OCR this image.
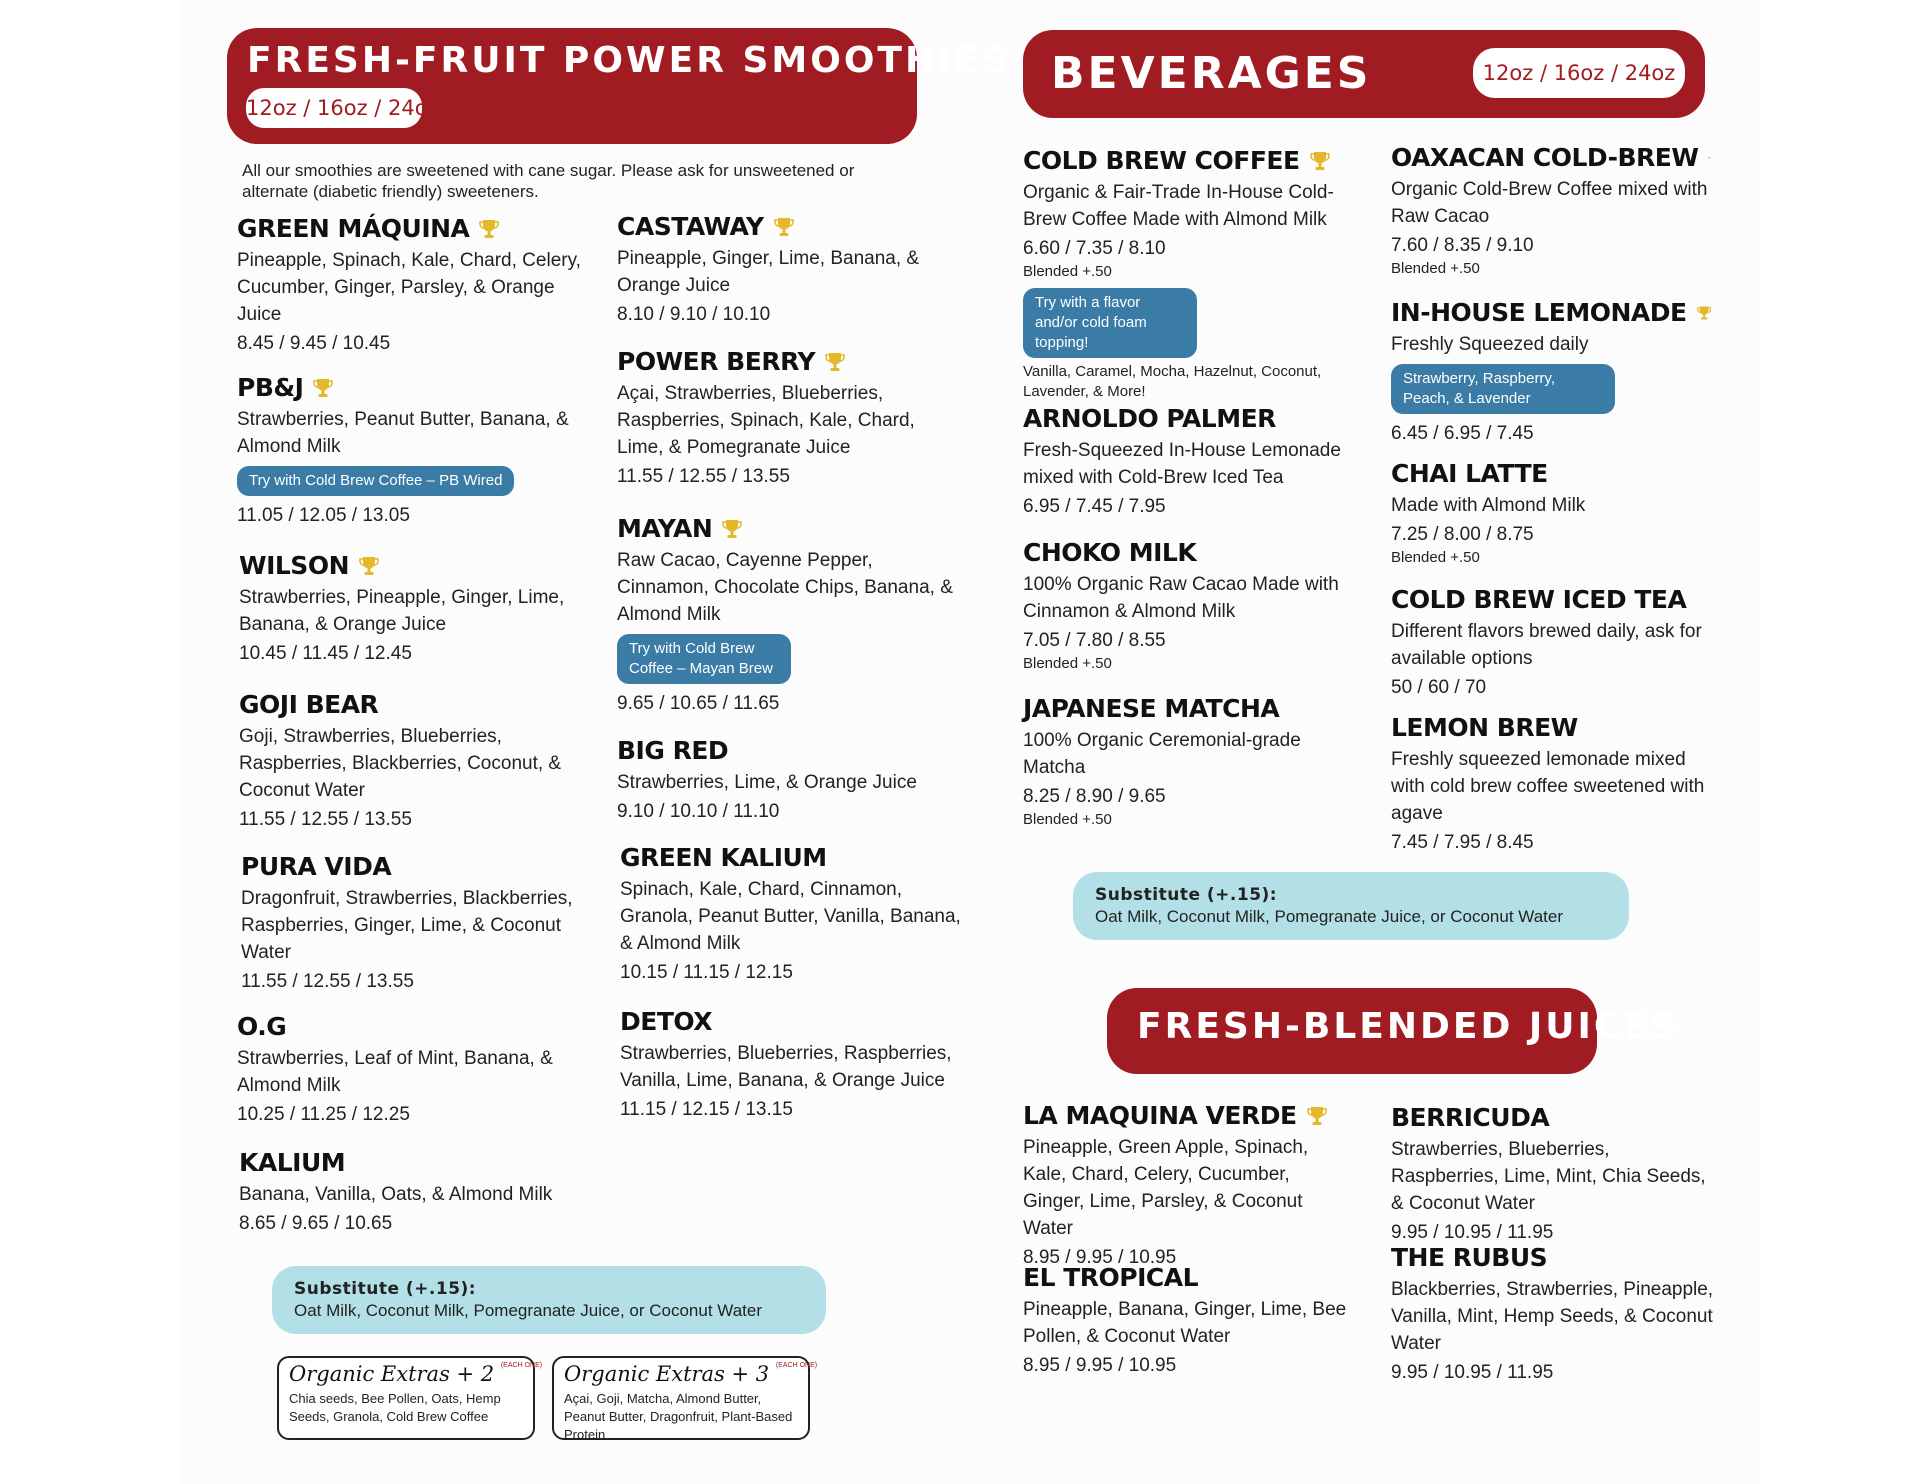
FRESH-FRUIT POWER SMOOTHIES
12oz / 16oz / 24oz
All our smoothies are sweetened with cane sugar. Please ask for unsweetened or alternate (diabetic friendly) sweeteners.
GREEN MÁQUINA
Pineapple, Spinach, Kale, Chard, Celery, Cucumber, Ginger, Parsley, & Orange Juice
8.45 / 9.45 / 10.45
PB&J
Strawberries, Peanut Butter, Banana, & Almond Milk
Try with Cold Brew Coffee – PB Wired
11.05 / 12.05 / 13.05
WILSON
Strawberries, Pineapple, Ginger, Lime, Banana, & Orange Juice
10.45 / 11.45 / 12.45
GOJI BEAR
Goji, Strawberries, Blueberries, Raspberries, Blackberries, Coconut, & Coconut Water
11.55 / 12.55 / 13.55
PURA VIDA
Dragonfruit, Strawberries, Blackberries, Raspberries, Ginger, Lime, & Coconut Water
11.55 / 12.55 / 13.55
O.G
Strawberries, Leaf of Mint, Banana, & Almond Milk
10.25 / 11.25 / 12.25
KALIUM
Banana, Vanilla, Oats, & Almond Milk
8.65 / 9.65 / 10.65
CASTAWAY
Pineapple, Ginger, Lime, Banana, & Orange Juice
8.10 / 9.10 / 10.10
POWER BERRY
Açai, Strawberries, Blueberries, Raspberries, Spinach, Kale, Chard, Lime, & Pomegranate Juice
11.55 / 12.55 / 13.55
MAYAN
Raw Cacao, Cayenne Pepper, Cinnamon, Chocolate Chips, Banana, & Almond Milk
Try with Cold Brew Coffee – Mayan Brew
9.65 / 10.65 / 11.65
BIG RED
Strawberries, Lime, & Orange Juice
9.10 / 10.10 / 11.10
GREEN KALIUM
Spinach, Kale, Chard, Cinnamon, Granola, Peanut Butter, Vanilla, Banana, & Almond Milk
10.15 / 11.15 / 12.15
DETOX
Strawberries, Blueberries, Raspberries, Vanilla, Lime, Banana, & Orange Juice
11.15 / 12.15 / 13.15
Substitute (+.15):
Oat Milk, Coconut Milk, Pomegranate Juice, or Coconut Water
Organic Extras + 2 $^{(EACH ONE)}$
Chia seeds, Bee Pollen, Oats, Hemp Seeds, Granola, Cold Brew Coffee
Organic Extras + 3 $^{(EACH ONE)}$
Açai, Goji, Matcha, Almond Butter, Peanut Butter, Dragonfruit, Plant-Based Protein
BEVERAGES	12oz / 16oz / 24oz
COLD BREW COFFEE
Organic & Fair-Trade In-House Cold-Brew Coffee Made with Almond Milk
6.60 / 7.35 / 8.10
Blended +.50
Try with a flavor and/or cold foam topping!
Vanilla, Caramel, Mocha, Hazelnut, Coconut, Lavender, & More!
ARNOLDO PALMER
Fresh-Squeezed In-House Lemonade mixed with Cold-Brew Iced Tea
6.95 / 7.45 / 7.95
CHOKO MILK
100% Organic Raw Cacao Made with Cinnamon & Almond Milk
7.05 / 7.80 / 8.55
Blended +.50
JAPANESE MATCHA
100% Organic Ceremonial-grade Matcha
8.25 / 8.90 / 9.65
Blended +.50
OAXACAN COLD-BREW
Organic Cold-Brew Coffee mixed with Raw Cacao
7.60 / 8.35 / 9.10
Blended +.50
IN-HOUSE LEMONADE
Freshly Squeezed daily
Strawberry, Raspberry, Peach, & Lavender
6.45 / 6.95 / 7.45
CHAI LATTE
Made with Almond Milk
7.25 / 8.00 / 8.75
Blended +.50
COLD BREW ICED TEA
Different flavors brewed daily, ask for available options
50 / 60 / 70
LEMON BREW
Freshly squeezed lemonade mixed with cold brew coffee sweetened with agave
7.45 / 7.95 / 8.45
Substitute (+.15):
Oat Milk, Coconut Milk, Pomegranate Juice, or Coconut Water
FRESH-BLENDED JUICES
LA MAQUINA VERDE
Pineapple, Green Apple, Spinach, Kale, Chard, Celery, Cucumber, Ginger, Lime, Parsley, & Coconut Water
8.95 / 9.95 / 10.95
EL TROPICAL
Pineapple, Banana, Ginger, Lime, Bee Pollen, & Coconut Water
8.95 / 9.95 / 10.95
BERRICUDA
Strawberries, Blueberries, Raspberries, Lime, Mint, Chia Seeds, & Coconut Water
9.95 / 10.95 / 11.95
THE RUBUS
Blackberries, Strawberries, Pineapple, Vanilla, Mint, Hemp Seeds, & Coconut Water
9.95 / 10.95 / 11.95
